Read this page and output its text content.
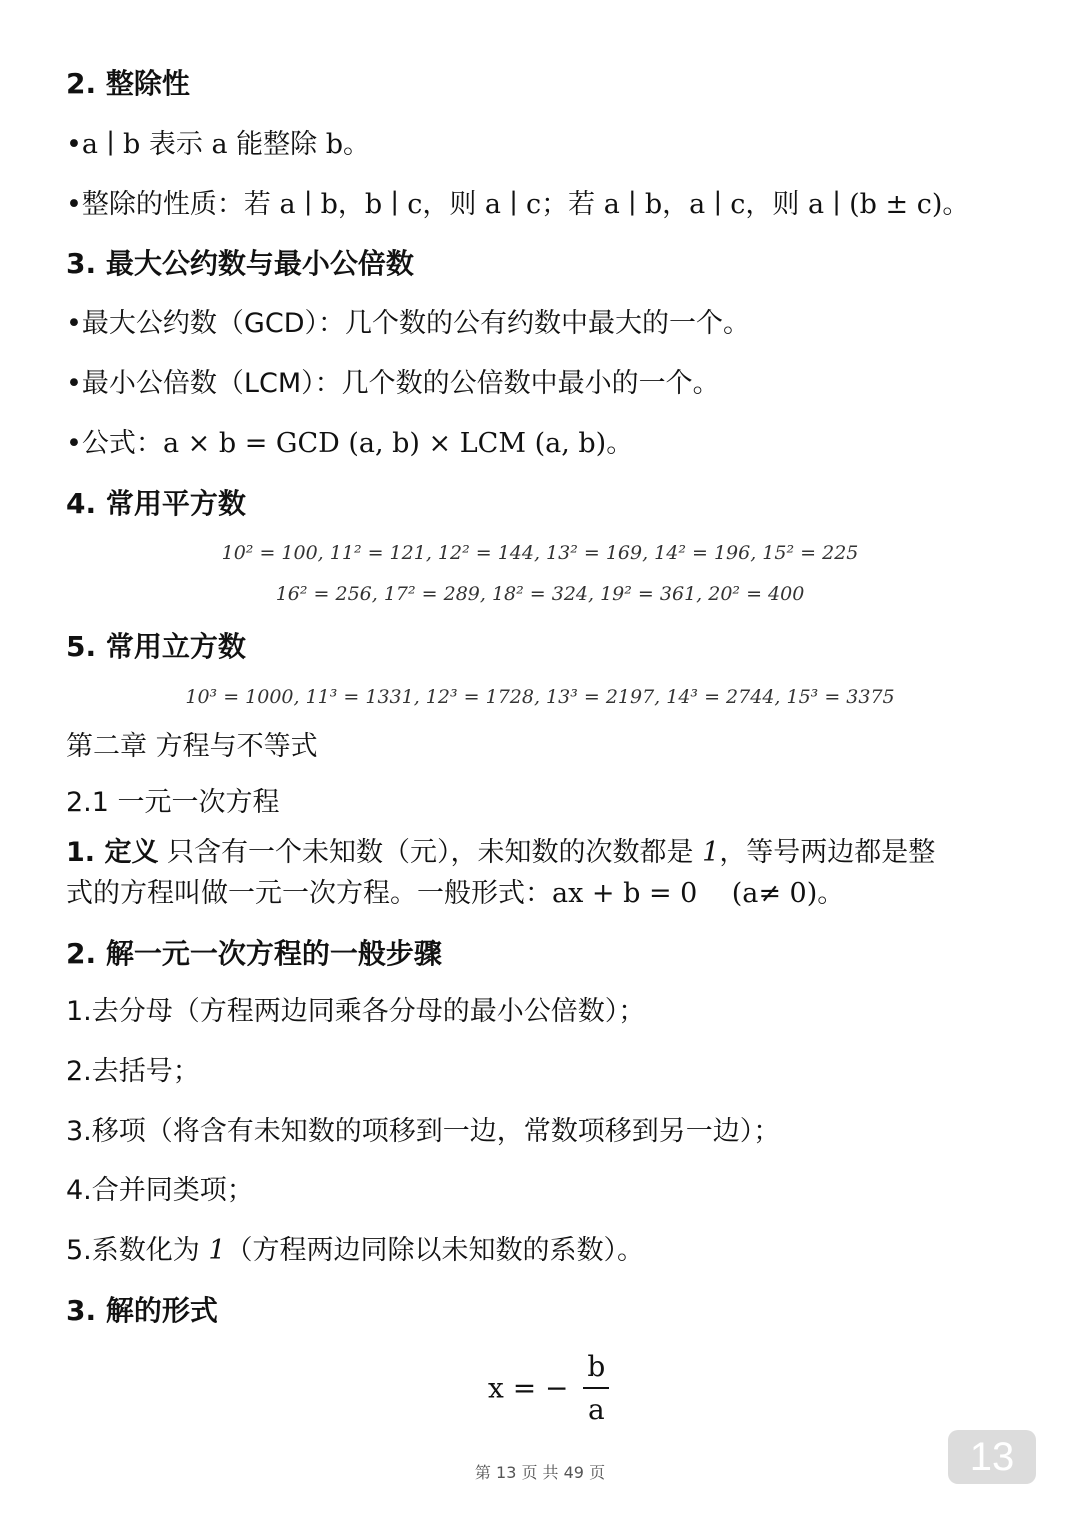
2. 整除性
•a ∣ b 表示 a 能整除 b。
•整除的性质：若 a ∣ b，b ∣ c，则 a ∣ c；若 a ∣ b，a ∣ c，则 a ∣ (b ± c)。
3. 最大公约数与最小公倍数
•最大公约数（GCD）：几个数的公有约数中最大的一个。
•最小公倍数（LCM）：几个数的公倍数中最小的一个。
•公式：a × b = GCD (a, b) × LCM (a, b)。
4. 常用平方数
10² = 100, 11² = 121, 12² = 144, 13² = 169, 14² = 196, 15² = 225
16² = 256, 17² = 289, 18² = 324, 19² = 361, 20² = 400
5. 常用立方数
10³ = 1000, 11³ = 1331, 12³ = 1728, 13³ = 2197, 14³ = 2744, 15³ = 3375
第二章 方程与不等式
2.1 一元一次方程
1. 定义 只含有一个未知数（元），未知数的次数都是 1，等号两边都是整
式的方程叫做一元一次方程。一般形式：ax + b = 0    (a≠ 0)。
2. 解一元一次方程的一般步骤
1.去分母（方程两边同乘各分母的最小公倍数）；
2.去括号；
3.移项（将含有未知数的项移到一边，常数项移到另一边）；
4.合并同类项；
5.系数化为 1（方程两边同除以未知数的系数）。
3. 解的形式
x = − $\frac{b}{a}$
第 13 页 共 49 页	13
